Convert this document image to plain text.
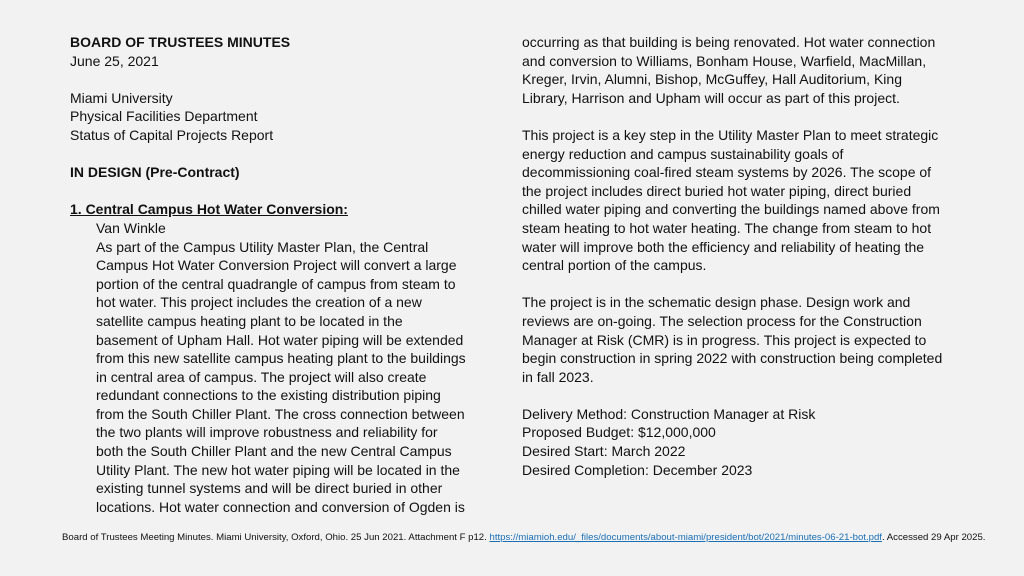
BOARD OF TRUSTEES MINUTES
June 25, 2021
Miami University
Physical Facilities Department
Status of Capital Projects Report
IN DESIGN (Pre-Contract)
1. Central Campus Hot Water Conversion:
Van Winkle
As part of the Campus Utility Master Plan, the Central
Campus Hot Water Conversion Project will convert a large
portion of the central quadrangle of campus from steam to
hot water. This project includes the creation of a new
satellite campus heating plant to be located in the
basement of Upham Hall. Hot water piping will be extended
from this new satellite campus heating plant to the buildings
in central area of campus. The project will also create
redundant connections to the existing distribution piping
from the South Chiller Plant. The cross connection between
the two plants will improve robustness and reliability for
both the South Chiller Plant and the new Central Campus
Utility Plant. The new hot water piping will be located in the
existing tunnel systems and will be direct buried in other
locations. Hot water connection and conversion of Ogden is
occurring as that building is being renovated. Hot water connection
and conversion to Williams, Bonham House, Warfield, MacMillan,
Kreger, Irvin, Alumni, Bishop, McGuffey, Hall Auditorium, King
Library, Harrison and Upham will occur as part of this project.
This project is a key step in the Utility Master Plan to meet strategic
energy reduction and campus sustainability goals of
decommissioning coal-fired steam systems by 2026. The scope of
the project includes direct buried hot water piping, direct buried
chilled water piping and converting the buildings named above from
steam heating to hot water heating. The change from steam to hot
water will improve both the efficiency and reliability of heating the
central portion of the campus.
The project is in the schematic design phase. Design work and
reviews are on-going. The selection process for the Construction
Manager at Risk (CMR) is in progress. This project is expected to
begin construction in spring 2022 with construction being completed
in fall 2023.
Delivery Method: Construction Manager at Risk
Proposed Budget: $12,000,000
Desired Start: March 2022
Desired Completion: December 2023
Board of Trustees Meeting Minutes. Miami University, Oxford, Ohio. 25 Jun 2021. Attachment F p12. https://miamioh.edu/_files/documents/about-miami/president/bot/2021/minutes-06-21-bot.pdf. Accessed 29 Apr 2025.
